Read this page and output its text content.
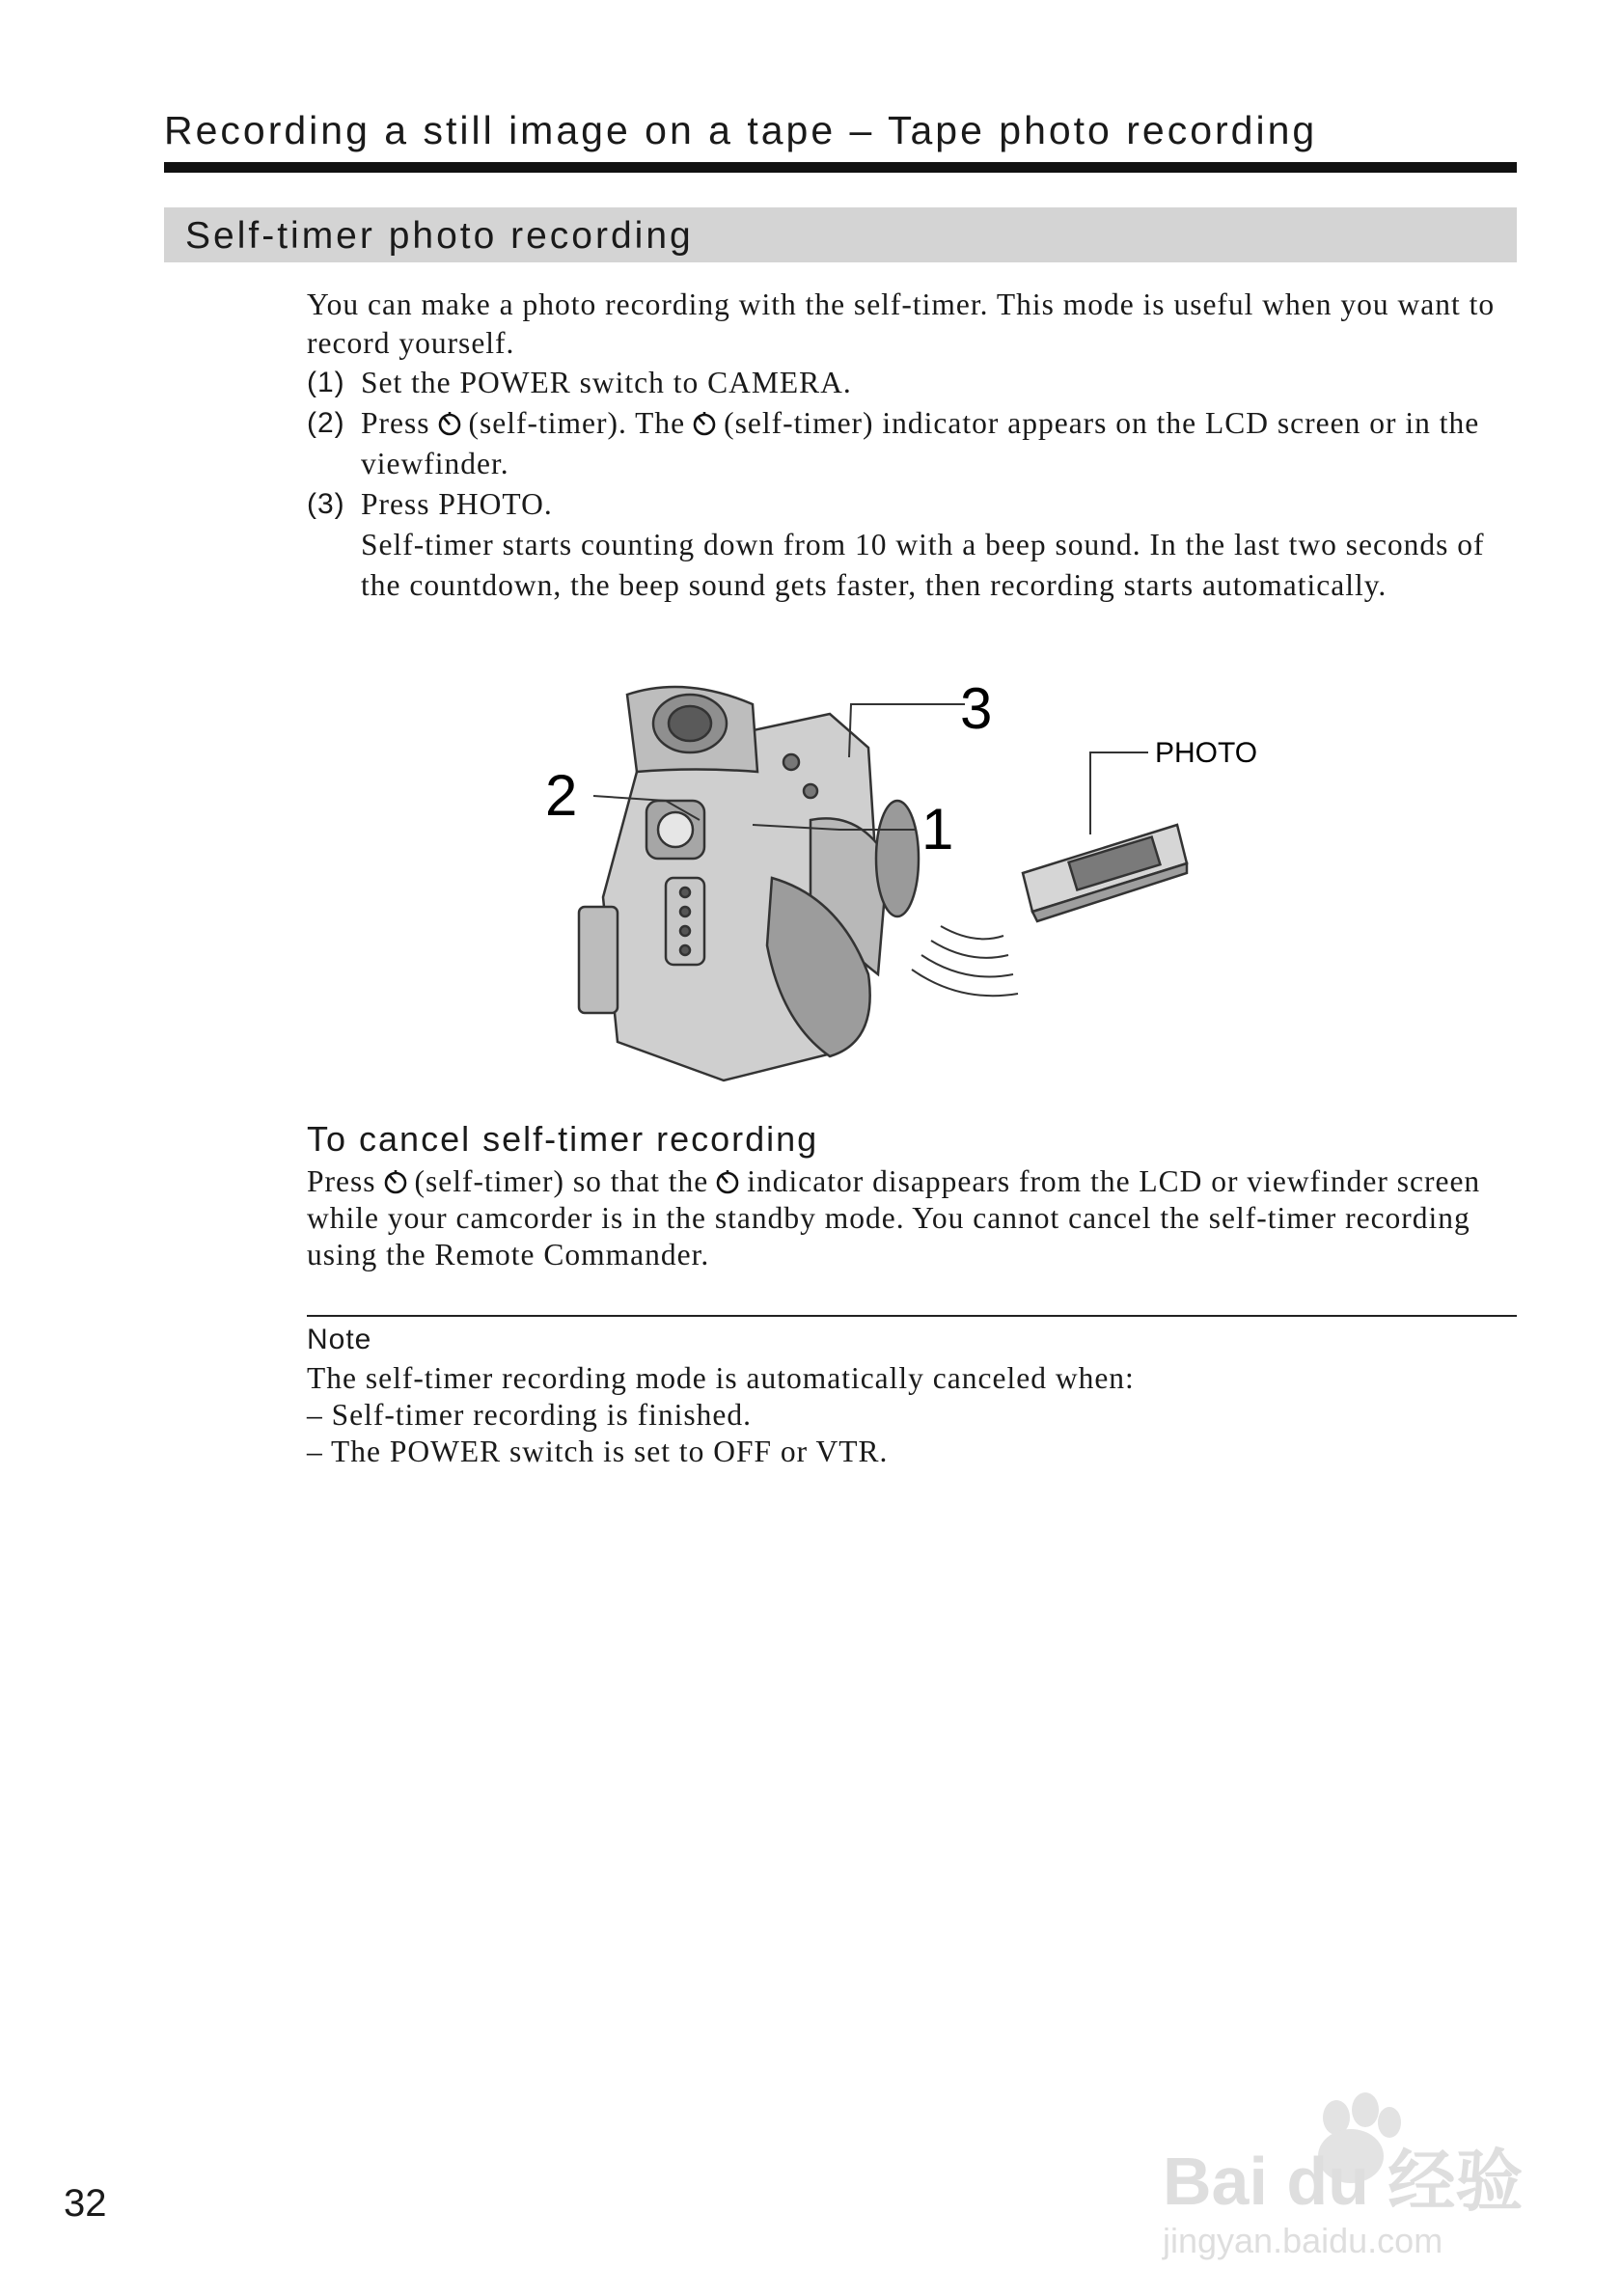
Recording a still image on a tape – Tape photo recording
Self-timer photo recording
You can make a photo recording with the self-timer. This mode is useful when you want to record yourself.
(1) Set the POWER switch to CAMERA.
(2) Press (self-timer). The (self-timer) indicator appears on the LCD screen or in the viewfinder.
(3) Press PHOTO.
Self-timer starts counting down from 10 with a beep sound. In the last two seconds of the countdown, the beep sound gets faster, then recording starts automatically.
2
3
1
PHOTO
To cancel self-timer recording
Press (self-timer) so that the indicator disappears from the LCD or viewfinder screen while your camcorder is in the standby mode. You cannot cancel the self-timer recording using the Remote Commander.
Note
The self-timer recording mode is automatically canceled when:
– Self-timer recording is finished.
– The POWER switch is set to OFF or VTR.
32	Bai du 经验
jingyan.baidu.com
